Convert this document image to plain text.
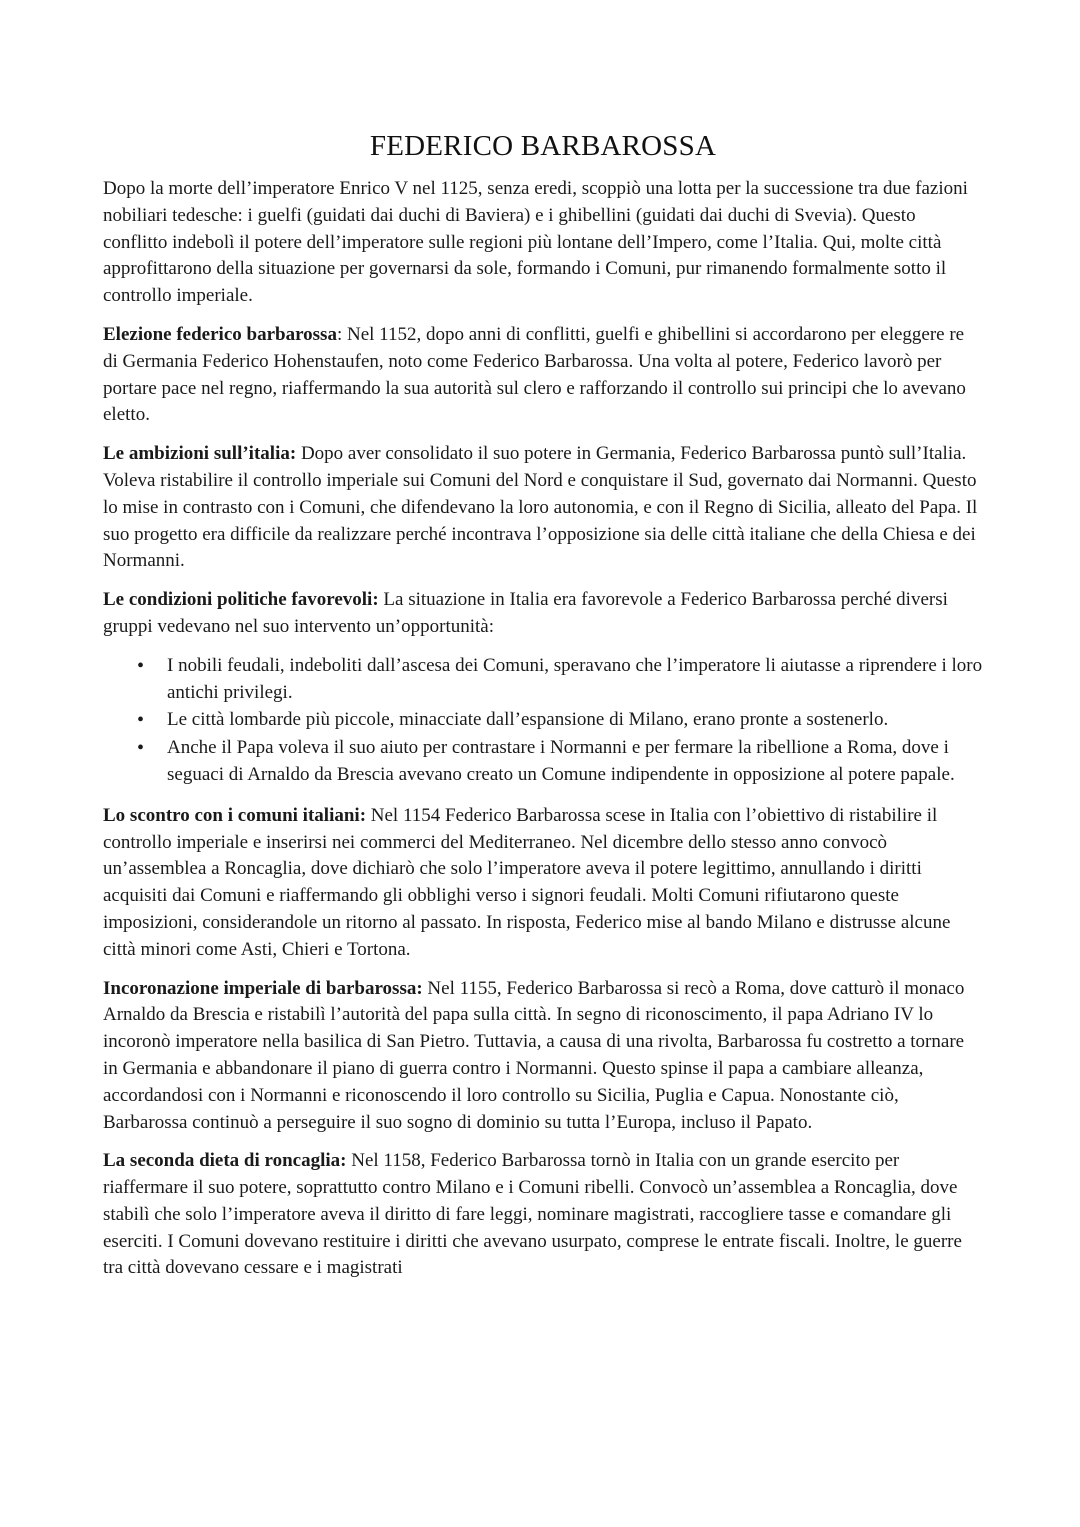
FEDERICO BARBAROSSA

Dopo la morte dell’imperatore Enrico V nel 1125, senza eredi, scoppiò una lotta per la successione tra due fazioni nobiliari tedesche: i guelfi (guidati dai duchi di Baviera) e i ghibellini (guidati dai duchi di Svevia). Questo conflitto indebolì il potere dell’imperatore sulle regioni più lontane dell’Impero, come l’Italia. Qui, molte città approfittarono della situazione per governarsi da sole, formando i Comuni, pur rimanendo formalmente sotto il controllo imperiale.

Elezione federico barbarossa: Nel 1152, dopo anni di conflitti, guelfi e ghibellini si accordarono per eleggere re di Germania Federico Hohenstaufen, noto come Federico Barbarossa. Una volta al potere, Federico lavorò per portare pace nel regno, riaffermando la sua autorità sul clero e rafforzando il controllo sui principi che lo avevano eletto.

Le ambizioni sull’italia: Dopo aver consolidato il suo potere in Germania, Federico Barbarossa puntò sull’Italia. Voleva ristabilire il controllo imperiale sui Comuni del Nord e conquistare il Sud, governato dai Normanni. Questo lo mise in contrasto con i Comuni, che difendevano la loro autonomia, e con il Regno di Sicilia, alleato del Papa. Il suo progetto era difficile da realizzare perché incontrava l’opposizione sia delle città italiane che della Chiesa e dei Normanni.

Le condizioni politiche favorevoli: La situazione in Italia era favorevole a Federico Barbarossa perché diversi gruppi vedevano nel suo intervento un’opportunità:

• I nobili feudali, indeboliti dall’ascesa dei Comuni, speravano che l’imperatore li aiutasse a riprendere i loro antichi privilegi.
• Le città lombarde più piccole, minacciate dall’espansione di Milano, erano pronte a sostenerlo.
• Anche il Papa voleva il suo aiuto per contrastare i Normanni e per fermare la ribellione a Roma, dove i seguaci di Arnaldo da Brescia avevano creato un Comune indipendente in opposizione al potere papale.

Lo scontro con i comuni italiani: Nel 1154 Federico Barbarossa scese in Italia con l’obiettivo di ristabilire il controllo imperiale e inserirsi nei commerci del Mediterraneo. Nel dicembre dello stesso anno convocò un’assemblea a Roncaglia, dove dichiarò che solo l’imperatore aveva il potere legittimo, annullando i diritti acquisiti dai Comuni e riaffermando gli obblighi verso i signori feudali. Molti Comuni rifiutarono queste imposizioni, considerandole un ritorno al passato. In risposta, Federico mise al bando Milano e distrusse alcune città minori come Asti, Chieri e Tortona.

Incoronazione imperiale di barbarossa: Nel 1155, Federico Barbarossa si recò a Roma, dove catturò il monaco Arnaldo da Brescia e ristabilì l’autorità del papa sulla città. In segno di riconoscimento, il papa Adriano IV lo incoronò imperatore nella basilica di San Pietro. Tuttavia, a causa di una rivolta, Barbarossa fu costretto a tornare in Germania e abbandonare il piano di guerra contro i Normanni. Questo spinse il papa a cambiare alleanza, accordandosi con i Normanni e riconoscendo il loro controllo su Sicilia, Puglia e Capua. Nonostante ciò, Barbarossa continuò a perseguire il suo sogno di dominio su tutta l’Europa, incluso il Papato.

La seconda dieta di roncaglia: Nel 1158, Federico Barbarossa tornò in Italia con un grande esercito per riaffermare il suo potere, soprattutto contro Milano e i Comuni ribelli. Convocò un’assemblea a Roncaglia, dove stabilì che solo l’imperatore aveva il diritto di fare leggi, nominare magistrati, raccogliere tasse e comandare gli eserciti. I Comuni dovevano restituire i diritti che avevano usurpato, comprese le entrate fiscali. Inoltre, le guerre tra città dovevano cessare e i magistrati
